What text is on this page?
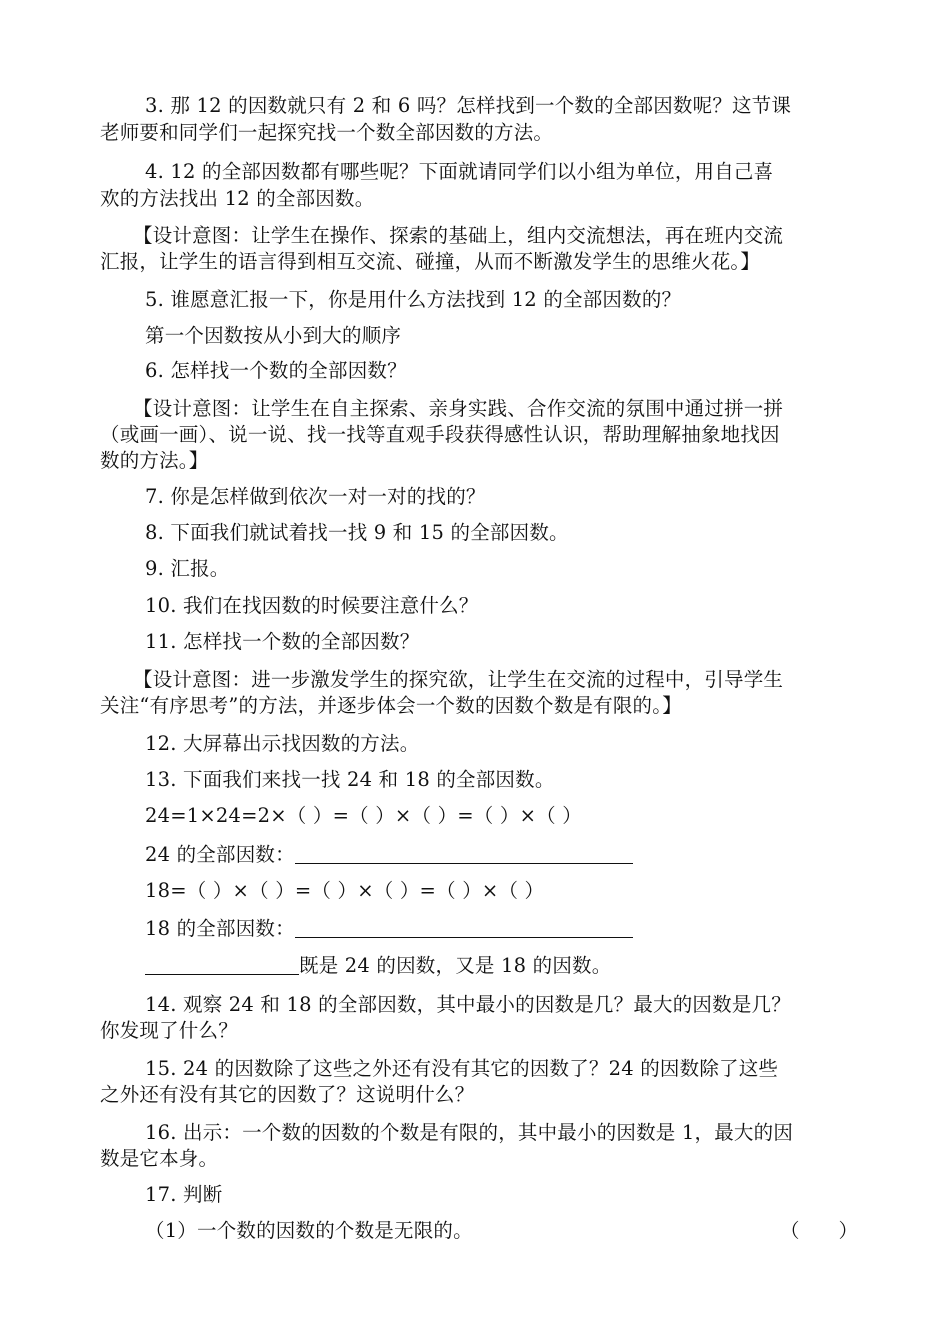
3. 那 12 的因数就只有 2 和 6 吗？怎样找到一个数的全部因数呢？这节课
老师要和同学们一起探究找一个数全部因数的方法。
4. 12 的全部因数都有哪些呢？下面就请同学们以小组为单位，用自己喜
欢的方法找出 12 的全部因数。
【设计意图：让学生在操作、探索的基础上，组内交流想法，再在班内交流
汇报，让学生的语言得到相互交流、碰撞，从而不断激发学生的思维火花。】
5. 谁愿意汇报一下，你是用什么方法找到 12 的全部因数的？
第一个因数按从小到大的顺序
6. 怎样找一个数的全部因数？
【设计意图：让学生在自主探索、亲身实践、合作交流的氛围中通过拼一拼
（或画一画）、说一说、找一找等直观手段获得感性认识，帮助理解抽象地找因
数的方法。】
7. 你是怎样做到依次一对一对的找的？
8. 下面我们就试着找一找 9 和 15 的全部因数。
9. 汇报。
10. 我们在找因数的时候要注意什么？
11. 怎样找一个数的全部因数？
【设计意图：进一步激发学生的探究欲，让学生在交流的过程中，引导学生
关注“有序思考”的方法，并逐步体会一个数的因数个数是有限的。】
12. 大屏幕出示找因数的方法。
13. 下面我们来找一找 24 和 18 的全部因数。
24=1×24=2×（ ）=（ ）×（ ）=（ ）×（ ）
24 的全部因数：
18=（ ）×（ ）=（ ）×（ ）=（ ）×（ ）
18 的全部因数：
既是 24 的因数，又是 18 的因数。
14. 观察 24 和 18 的全部因数，其中最小的因数是几？最大的因数是几？
你发现了什么？
15. 24 的因数除了这些之外还有没有其它的因数了？24 的因数除了这些
之外还有没有其它的因数了？这说明什么？
16. 出示：一个数的因数的个数是有限的，其中最小的因数是 1，最大的因
数是它本身。
17. 判断
（1）一个数的因数的个数是无限的。	（　　）
